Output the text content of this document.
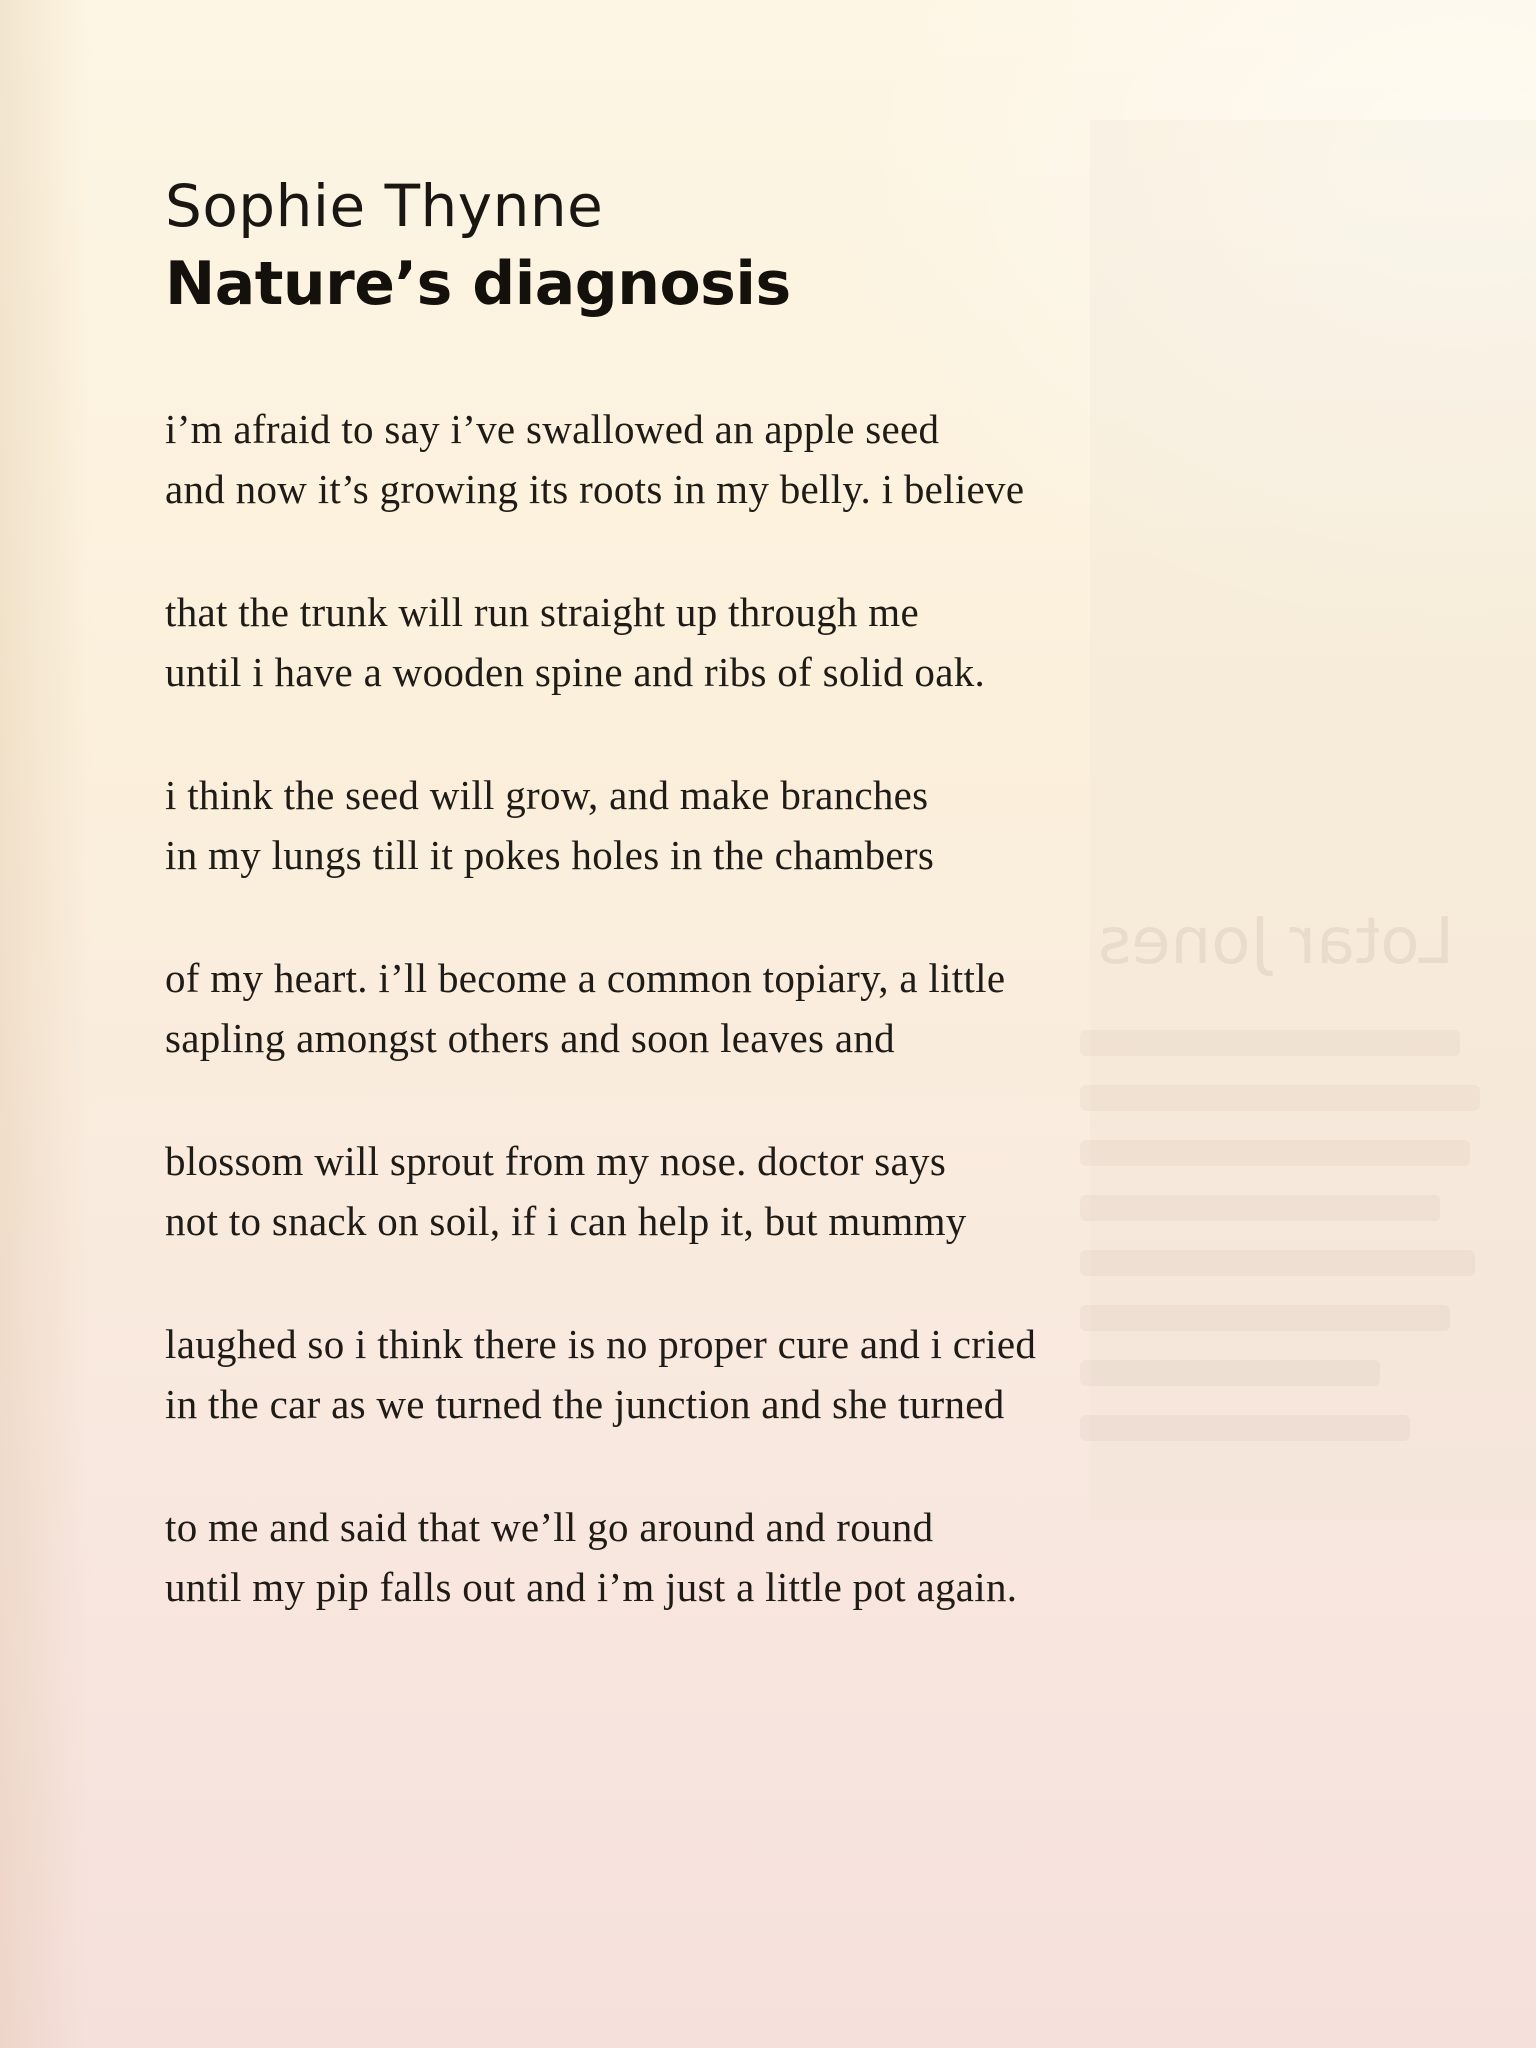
Lotar Jones
Sophie Thynne
Nature’s diagnosis

i’m afraid to say i’ve swallowed an apple seed
and now it’s growing its roots in my belly. i believe

that the trunk will run straight up through me
until i have a wooden spine and ribs of solid oak.

i think the seed will grow, and make branches
in my lungs till it pokes holes in the chambers

of my heart. i’ll become a common topiary, a little
sapling amongst others and soon leaves and

blossom will sprout from my nose. doctor says
not to snack on soil, if i can help it, but mummy

laughed so i think there is no proper cure and i cried
in the car as we turned the junction and she turned

to me and said that we’ll go around and round
until my pip falls out and i’m just a little pot again.
